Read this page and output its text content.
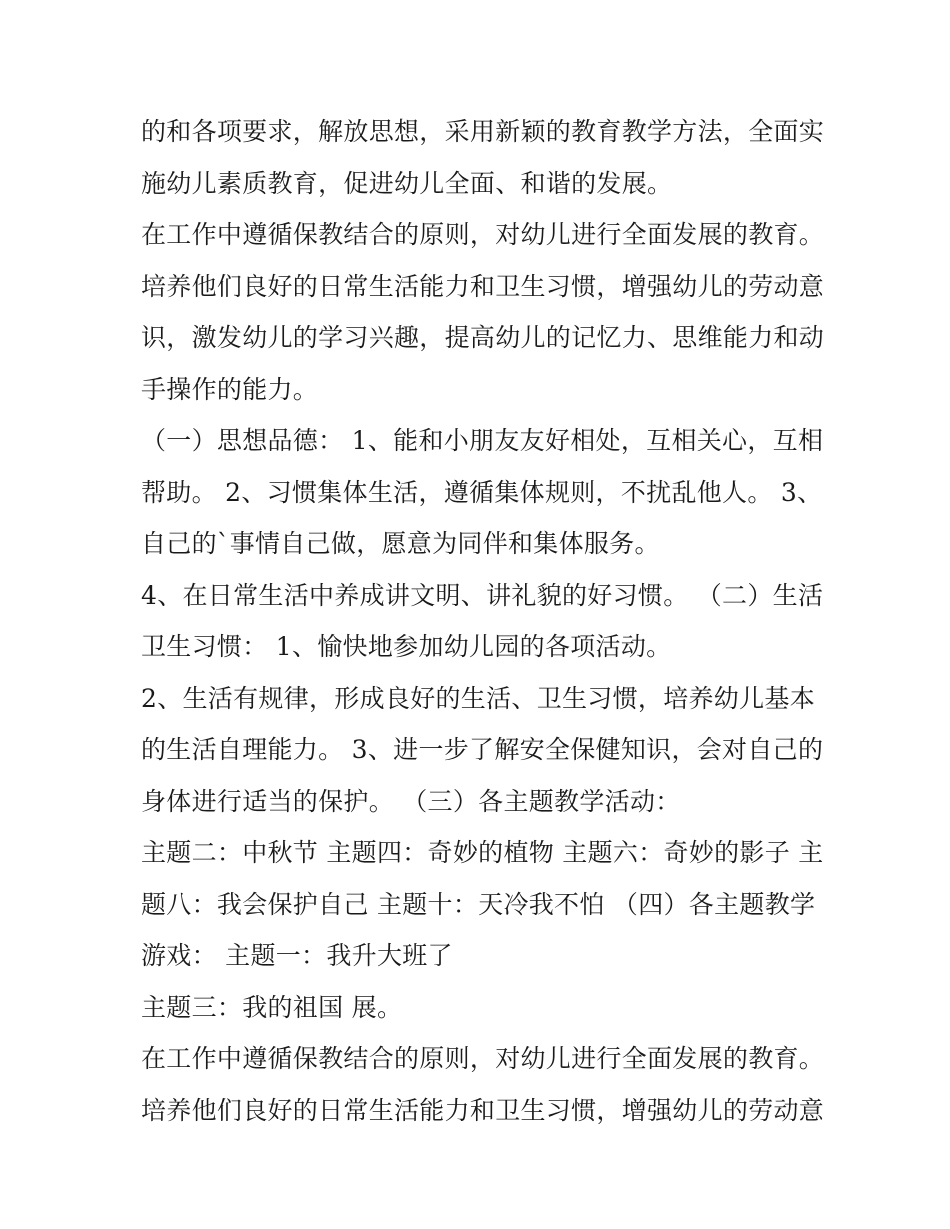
的和各项要求，解放思想，采用新颖的教育教学方法，全面实
施幼儿素质教育，促进幼儿全面、和谐的发展。
在工作中遵循保教结合的原则，对幼儿进行全面发展的教育。
培养他们良好的日常生活能力和卫生习惯，增强幼儿的劳动意
识，激发幼儿的学习兴趣，提高幼儿的记忆力、思维能力和动
手操作的能力。
（一）思想品德： 1、能和小朋友友好相处，互相关心，互相
帮助。 2、习惯集体生活，遵循集体规则，不扰乱他人。 3、
自己的`事情自己做，愿意为同伴和集体服务。
4、在日常生活中养成讲文明、讲礼貌的好习惯。 （二）生活
卫生习惯： 1、愉快地参加幼儿园的各项活动。
2、生活有规律，形成良好的生活、卫生习惯，培养幼儿基本
的生活自理能力。 3、进一步了解安全保健知识，会对自己的
身体进行适当的保护。 （三）各主题教学活动：
主题二：中秋节 主题四：奇妙的植物 主题六：奇妙的影子 主
题八：我会保护自己 主题十：天冷我不怕 （四）各主题教学
游戏： 主题一：我升大班了
主题三：我的祖国 展。
在工作中遵循保教结合的原则，对幼儿进行全面发展的教育。
培养他们良好的日常生活能力和卫生习惯，增强幼儿的劳动意
